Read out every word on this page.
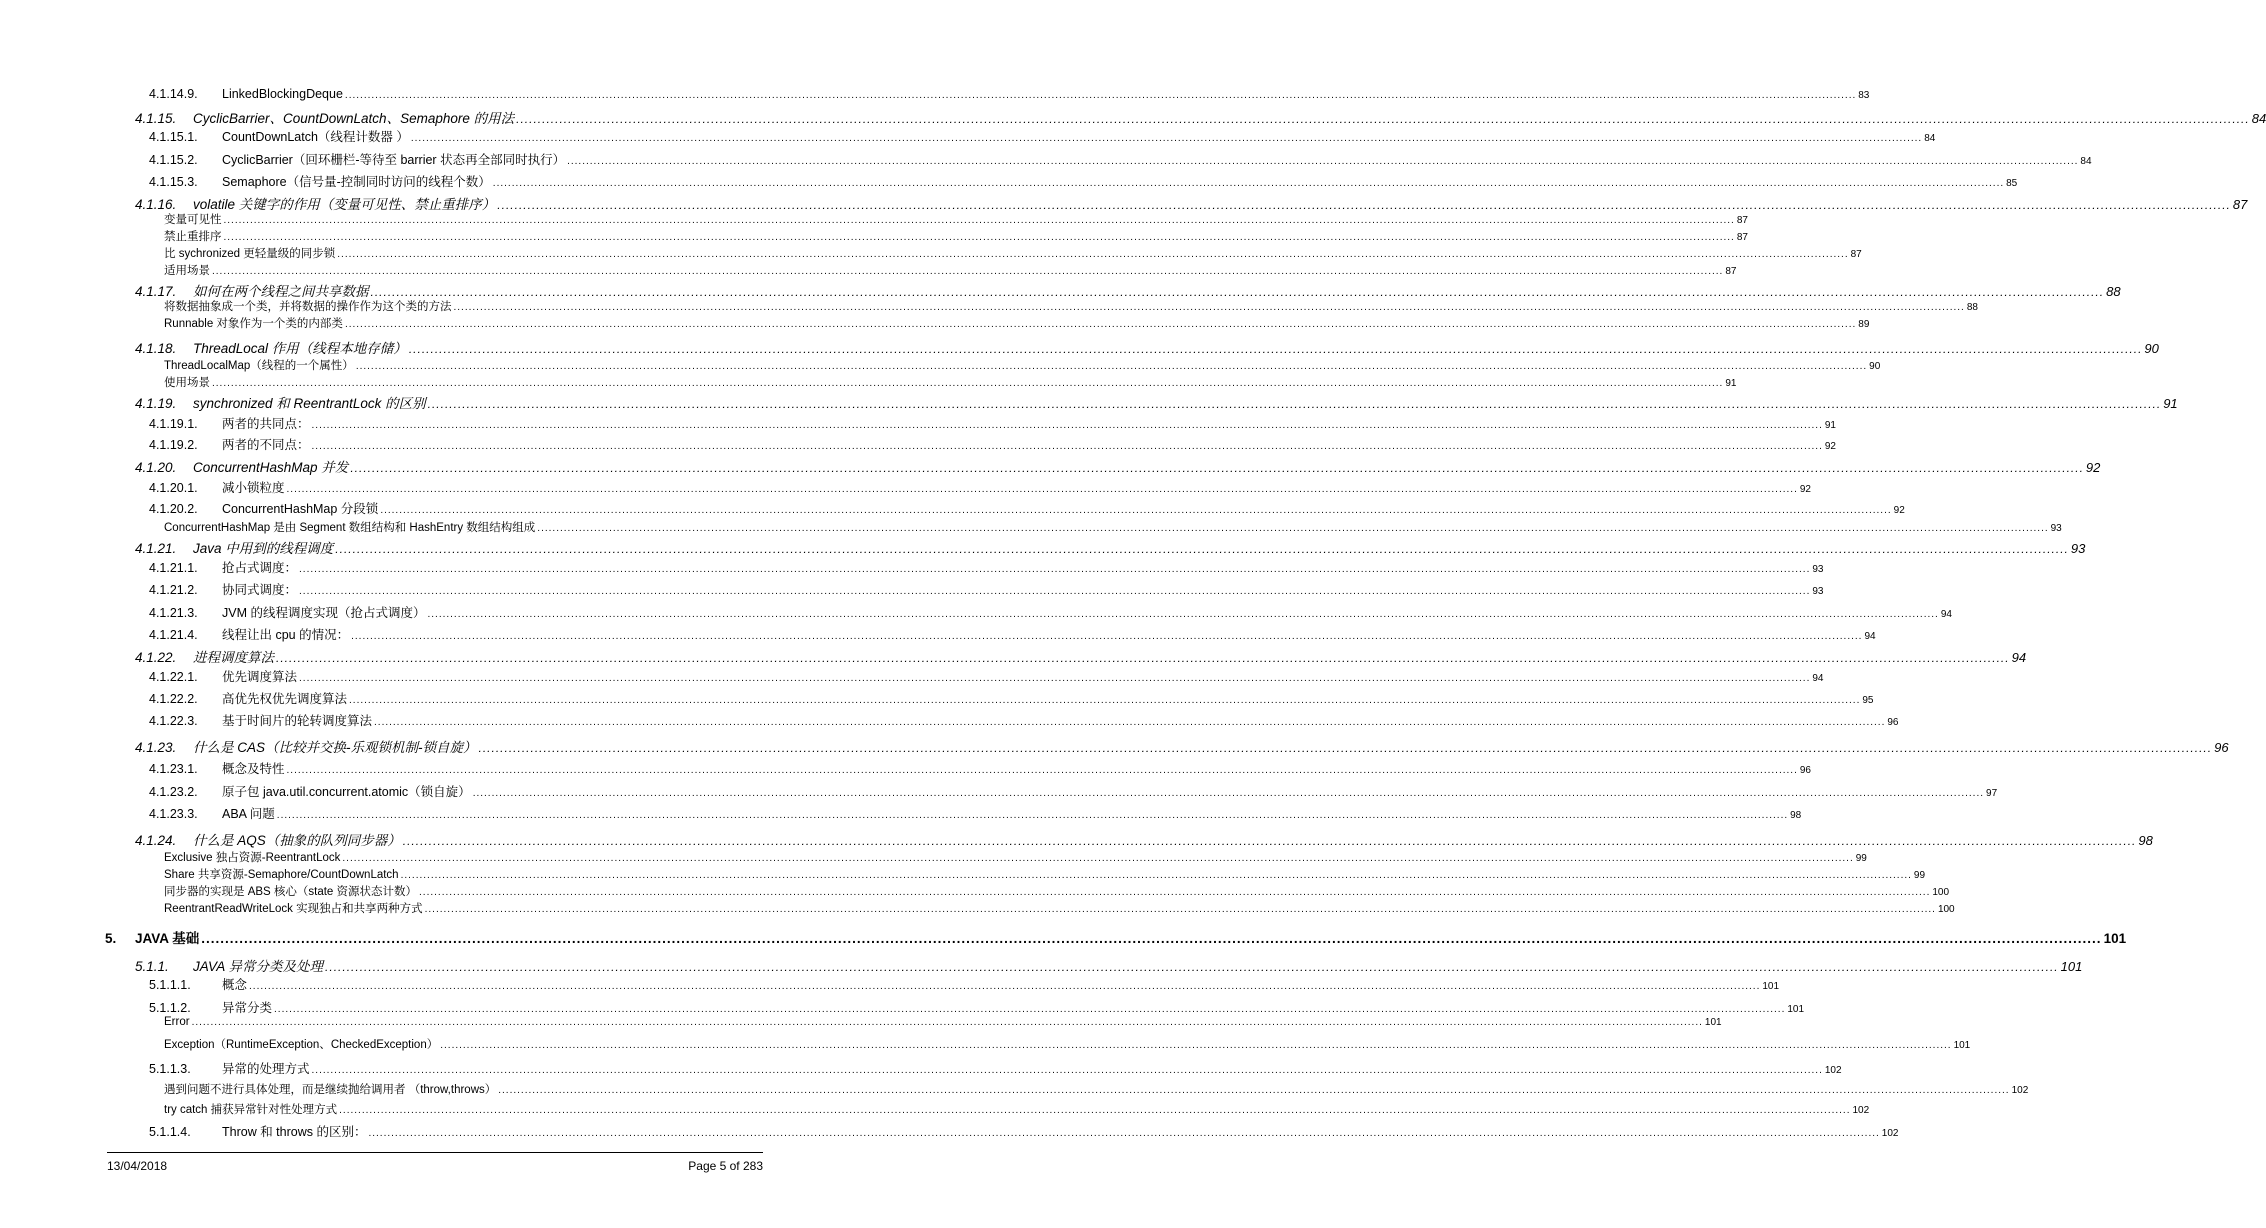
4.1.14.9.	LinkedBlockingDeque ................................................................................................................................................................................................................................................................................................................................................................................................................ 83
4.1.15.	CyclicBarrier、CountDownLatch、Semaphore 的用法 ................................................................................................................................................................................................................................................................................................................................................................................................................ 84
4.1.15.1.	CountDownLatch（线程计数器 ） ................................................................................................................................................................................................................................................................................................................................................................................................................ 84
4.1.15.2.	CyclicBarrier（回环栅栏-等待至 barrier 状态再全部同时执行） ................................................................................................................................................................................................................................................................................................................................................................................................................ 84
4.1.15.3.	Semaphore（信号量-控制同时访问的线程个数） ................................................................................................................................................................................................................................................................................................................................................................................................................ 85
4.1.16.	volatile 关键字的作用（变量可见性、禁止重排序） ................................................................................................................................................................................................................................................................................................................................................................................................................ 87
变量可见性 ................................................................................................................................................................................................................................................................................................................................................................................................................ 87
禁止重排序 ................................................................................................................................................................................................................................................................................................................................................................................................................ 87
比 sychronized 更轻量级的同步锁 ................................................................................................................................................................................................................................................................................................................................................................................................................ 87
适用场景 ................................................................................................................................................................................................................................................................................................................................................................................................................ 87
4.1.17.	如何在两个线程之间共享数据 ................................................................................................................................................................................................................................................................................................................................................................................................................ 88
将数据抽象成一个类，并将数据的操作作为这个类的方法 ................................................................................................................................................................................................................................................................................................................................................................................................................ 88
Runnable 对象作为一个类的内部类 ................................................................................................................................................................................................................................................................................................................................................................................................................ 89
4.1.18.	ThreadLocal 作用（线程本地存储） ................................................................................................................................................................................................................................................................................................................................................................................................................ 90
ThreadLocalMap（线程的一个属性） ................................................................................................................................................................................................................................................................................................................................................................................................................ 90
使用场景 ................................................................................................................................................................................................................................................................................................................................................................................................................ 91
4.1.19.	synchronized 和 ReentrantLock 的区别 ................................................................................................................................................................................................................................................................................................................................................................................................................ 91
4.1.19.1.	两者的共同点： ................................................................................................................................................................................................................................................................................................................................................................................................................ 91
4.1.19.2.	两者的不同点： ................................................................................................................................................................................................................................................................................................................................................................................................................ 92
4.1.20.	ConcurrentHashMap 并发 ................................................................................................................................................................................................................................................................................................................................................................................................................ 92
4.1.20.1.	减小锁粒度 ................................................................................................................................................................................................................................................................................................................................................................................................................ 92
4.1.20.2.	ConcurrentHashMap 分段锁 ................................................................................................................................................................................................................................................................................................................................................................................................................ 92
ConcurrentHashMap 是由 Segment 数组结构和 HashEntry 数组结构组成 ................................................................................................................................................................................................................................................................................................................................................................................................................ 93
4.1.21.	Java 中用到的线程调度 ................................................................................................................................................................................................................................................................................................................................................................................................................ 93
4.1.21.1.	抢占式调度： ................................................................................................................................................................................................................................................................................................................................................................................................................ 93
4.1.21.2.	协同式调度： ................................................................................................................................................................................................................................................................................................................................................................................................................ 93
4.1.21.3.	JVM 的线程调度实现（抢占式调度） ................................................................................................................................................................................................................................................................................................................................................................................................................ 94
4.1.21.4.	线程让出 cpu 的情况： ................................................................................................................................................................................................................................................................................................................................................................................................................ 94
4.1.22.	进程调度算法 ................................................................................................................................................................................................................................................................................................................................................................................................................ 94
4.1.22.1.	优先调度算法 ................................................................................................................................................................................................................................................................................................................................................................................................................ 94
4.1.22.2.	高优先权优先调度算法 ................................................................................................................................................................................................................................................................................................................................................................................................................ 95
4.1.22.3.	基于时间片的轮转调度算法 ................................................................................................................................................................................................................................................................................................................................................................................................................ 96
4.1.23.	什么是 CAS（比较并交换-乐观锁机制-锁自旋） ................................................................................................................................................................................................................................................................................................................................................................................................................ 96
4.1.23.1.	概念及特性 ................................................................................................................................................................................................................................................................................................................................................................................................................ 96
4.1.23.2.	原子包 java.util.concurrent.atomic（锁自旋） ................................................................................................................................................................................................................................................................................................................................................................................................................ 97
4.1.23.3.	ABA 问题 ................................................................................................................................................................................................................................................................................................................................................................................................................ 98
4.1.24.	什么是 AQS（抽象的队列同步器） ................................................................................................................................................................................................................................................................................................................................................................................................................ 98
Exclusive 独占资源-ReentrantLock ................................................................................................................................................................................................................................................................................................................................................................................................................ 99
Share 共享资源-Semaphore/CountDownLatch ................................................................................................................................................................................................................................................................................................................................................................................................................ 99
同步器的实现是 ABS 核心（state 资源状态计数） ................................................................................................................................................................................................................................................................................................................................................................................................................ 100
ReentrantReadWriteLock 实现独占和共享两种方式 ................................................................................................................................................................................................................................................................................................................................................................................................................ 100
5.	JAVA 基础 ................................................................................................................................................................................................................................................................................................................................................................................................................ 101
5.1.1.	JAVA 异常分类及处理 ................................................................................................................................................................................................................................................................................................................................................................................................................ 101
5.1.1.1.	概念 ................................................................................................................................................................................................................................................................................................................................................................................................................ 101
5.1.1.2.	异常分类 ................................................................................................................................................................................................................................................................................................................................................................................................................ 101
Error ................................................................................................................................................................................................................................................................................................................................................................................................................ 101
Exception（RuntimeException、CheckedException） ................................................................................................................................................................................................................................................................................................................................................................................................................ 101
5.1.1.3.	异常的处理方式 ................................................................................................................................................................................................................................................................................................................................................................................................................ 102
遇到问题不进行具体处理，而是继续抛给调用者 （throw,throws） ................................................................................................................................................................................................................................................................................................................................................................................................................ 102
try catch 捕获异常针对性处理方式 ................................................................................................................................................................................................................................................................................................................................................................................................................ 102
5.1.1.4.	Throw 和 throws 的区别： ................................................................................................................................................................................................................................................................................................................................................................................................................ 102
13/04/2018	Page 5 of 283
